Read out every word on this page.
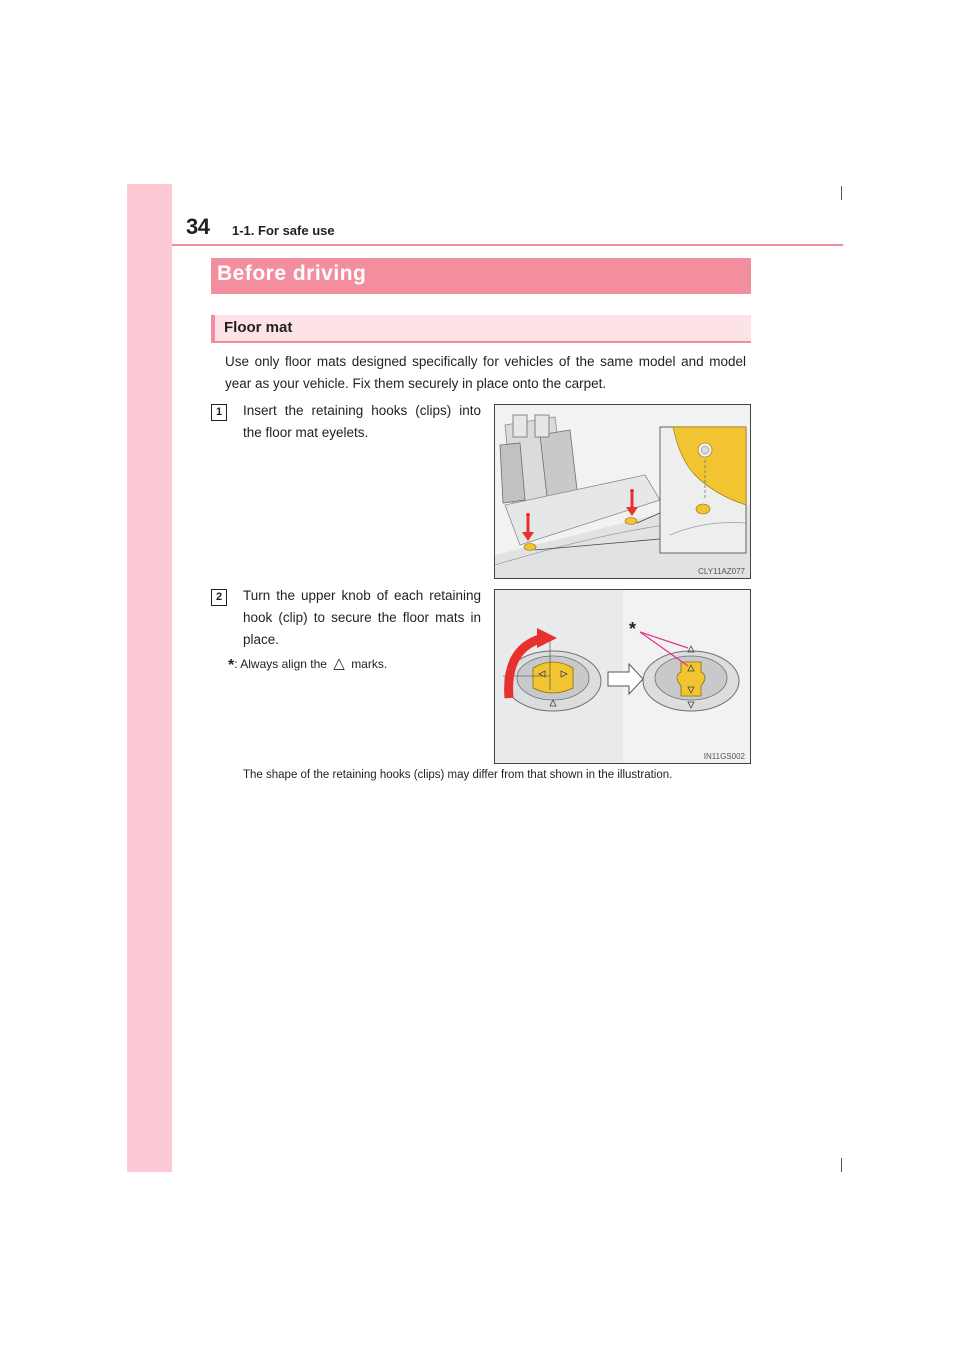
34 1-1. For safe use
Before driving
Floor mat
Use only floor mats designed specifically for vehicles of the same model and model year as your vehicle. Fix them securely in place onto the carpet.
1	Insert the retaining hooks (clips) into the floor mat eyelets.
CLY11AZ077
2	Turn the upper knob of each retaining hook (clip) to secure the floor mats in place.
*: Always align the △ marks.
*
IN11GS002
The shape of the retaining hooks (clips) may differ from that shown in the illustration.
